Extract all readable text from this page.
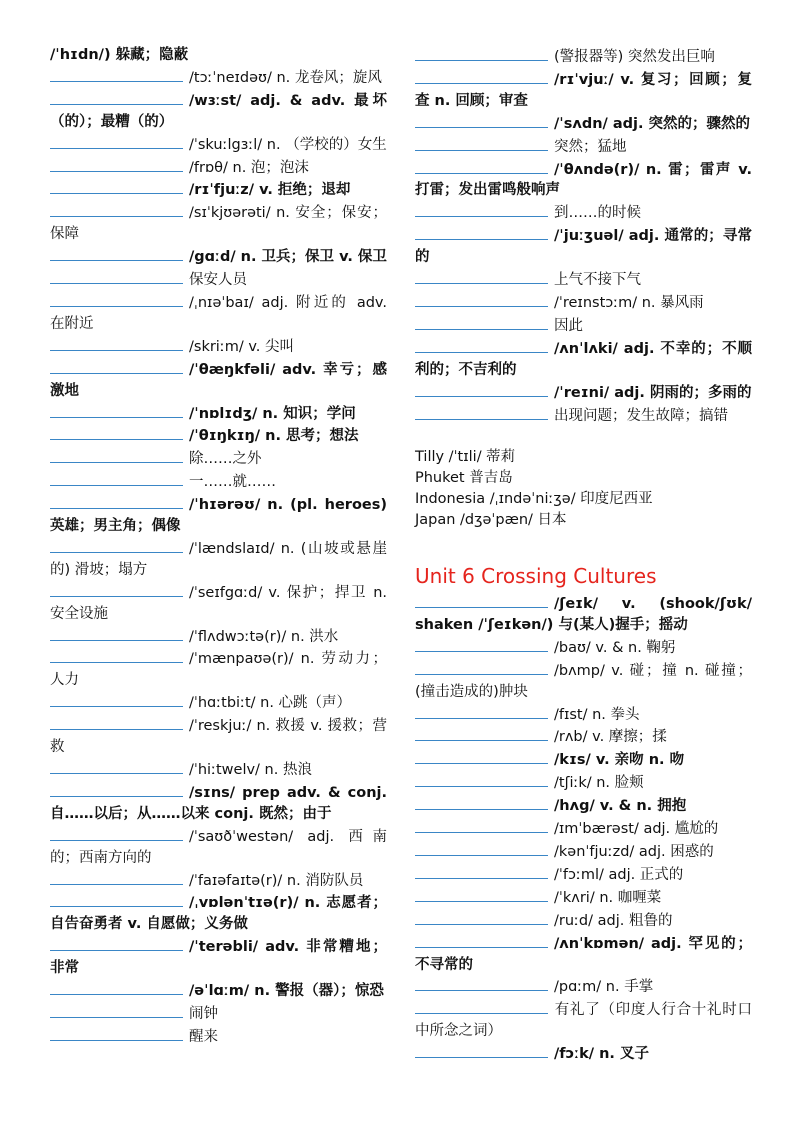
/ˈhɪdn/) 躲藏；隐蔽

/tɔːˈneɪdəʊ/ n. 龙卷风；旋风

/wɜːst/ adj. & adv. 最坏（的）；最糟（的）

/ˈskuːlgɜːl/ n. （学校的）女生

/frɒθ/ n. 泡；泡沫

/rɪˈfjuːz/ v. 拒绝；退却

/sɪˈkjʊərəti/ n. 安全；保安；保障

/gɑːd/ n. 卫兵；保卫 v. 保卫

保安人员

/ˌnɪəˈbaɪ/ adj. 附近的 adv. 在附近

/skriːm/ v. 尖叫

/ˈθæŋkfəli/ adv. 幸亏；感激地

/ˈnɒlɪdʒ/ n. 知识；学问

/ˈθɪŋkɪŋ/ n. 思考；想法

除……之外

一……就……

/ˈhɪərəʊ/ n. (pl. heroes) 英雄；男主角；偶像

/ˈlændslaɪd/ n. (山坡或悬崖的) 滑坡；塌方

/ˈseɪfgɑːd/ v. 保护；捍卫 n. 安全设施

/ˈflʌdwɔːtə(r)/ n. 洪水

/ˈmænpaʊə(r)/ n. 劳动力；人力

/ˈhɑːtbiːt/ n. 心跳（声）

/ˈreskjuː/ n. 救援 v. 援救；营救

/ˈhiːtwelv/ n. 热浪

/sɪns/ prep adv. & conj. 自……以后；从……以来 conj. 既然；由于

/ˈsaʊðˈwestən/ adj. 西南的；西南方向的

/ˈfaɪəfaɪtə(r)/ n. 消防队员

/ˌvɒlənˈtɪə(r)/ n. 志愿者；自告奋勇者 v. 自愿做；义务做

/ˈterəbli/ adv. 非常糟地；非常

/əˈlɑːm/ n. 警报（器）；惊恐

闹钟

醒来

(警报器等) 突然发出巨响

/rɪˈvjuː/ v. 复习；回顾；复查 n. 回顾；审查

/ˈsʌdn/ adj. 突然的；骤然的

突然；猛地

/ˈθʌndə(r)/ n. 雷；雷声 v. 打雷；发出雷鸣般响声

到……的时候

/ˈjuːʒuəl/ adj. 通常的；寻常的

上气不接下气

/ˈreɪnstɔːm/ n. 暴风雨

因此

/ʌnˈlʌki/ adj. 不幸的；不顺利的；不吉利的

/ˈreɪni/ adj. 阴雨的；多雨的

出现问题；发生故障；搞错

Tilly /ˈtɪli/ 蒂莉

Phuket 普吉岛

Indonesia /ˌɪndəˈniːʒə/ 印度尼西亚

Japan /dʒəˈpæn/ 日本

Unit 6 Crossing Cultures

/ʃeɪk/ v. (shook/ʃʊk/ shaken /ˈʃeɪkən/) 与(某人)握手；摇动

/baʊ/ v. & n. 鞠躬

/bʌmp/ v. 碰；撞 n. 碰撞；(撞击造成的)肿块

/fɪst/ n. 拳头

/rʌb/ v. 摩擦；揉

/kɪs/ v. 亲吻 n. 吻

/tʃiːk/ n. 脸颊

/hʌg/ v. & n. 拥抱

/ɪmˈbærəst/ adj. 尴尬的

/kənˈfjuːzd/ adj. 困惑的

/ˈfɔːml/ adj. 正式的

/ˈkʌri/ n. 咖喱菜

/ruːd/ adj. 粗鲁的

/ʌnˈkɒmən/ adj. 罕见的；不寻常的

/pɑːm/ n. 手掌

有礼了（印度人行合十礼时口中所念之词）

/fɔːk/ n. 叉子
